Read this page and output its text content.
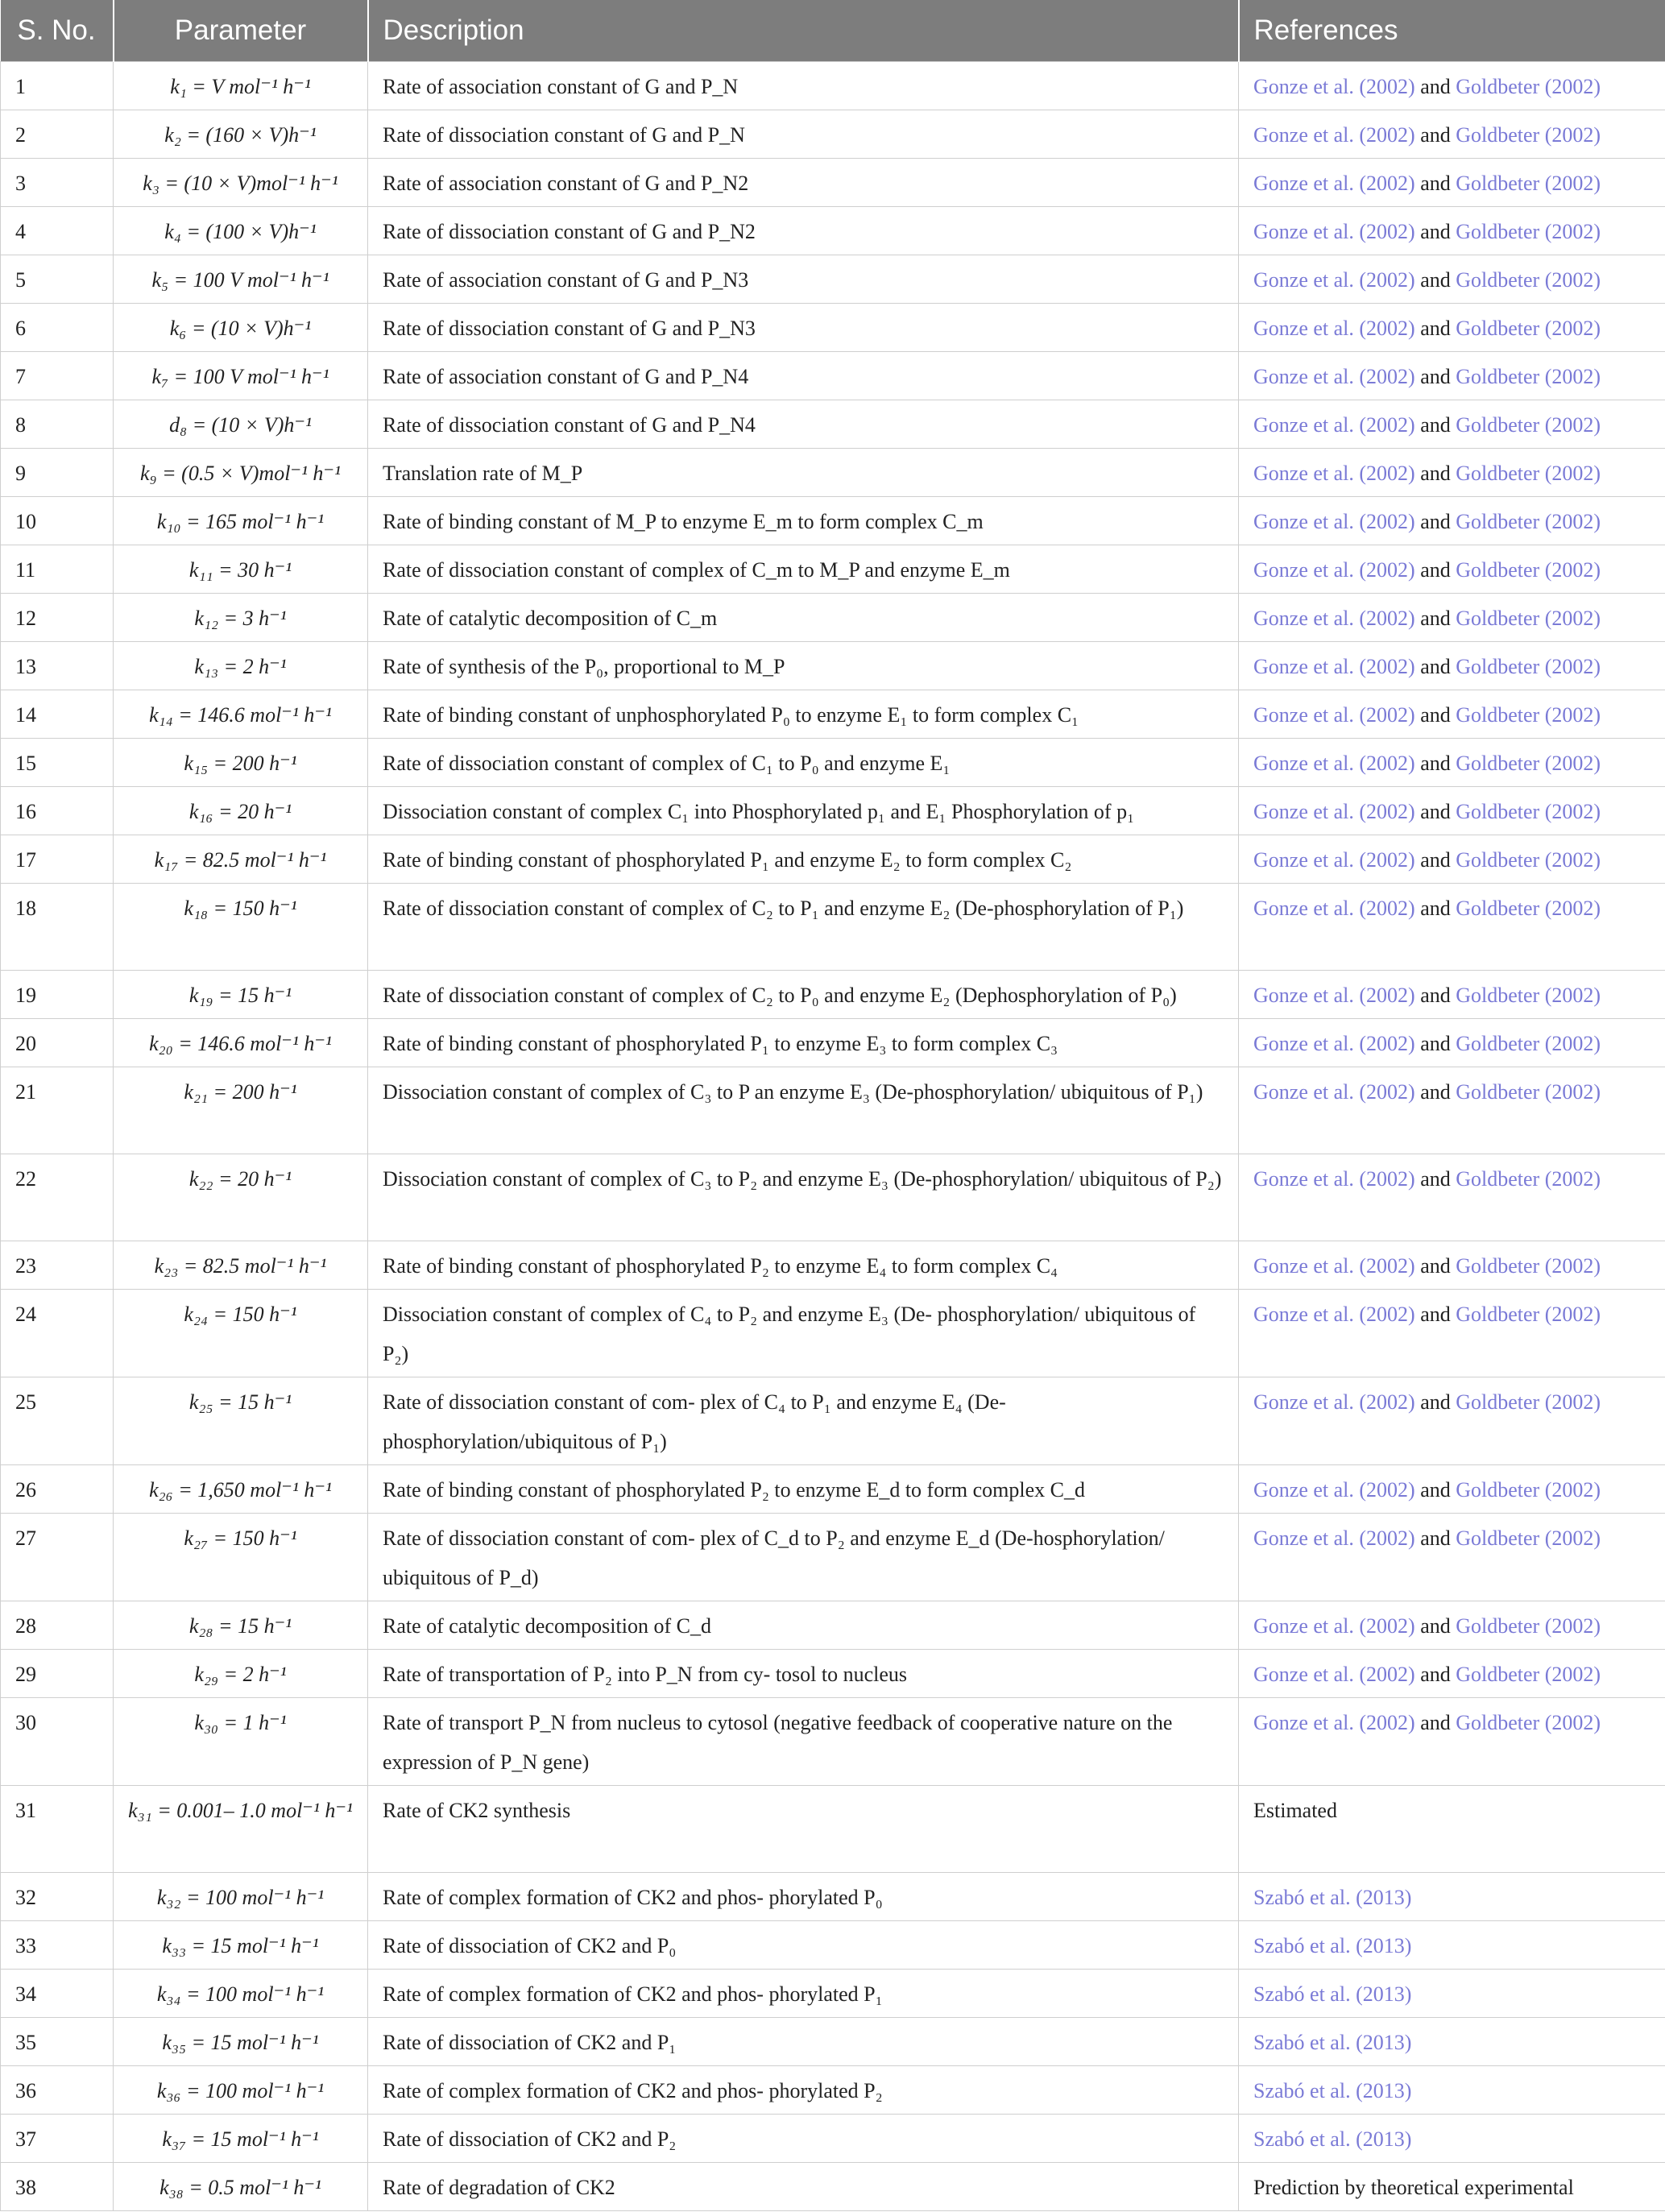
S. No.	Parameter	Description	References
1	k₁ = V mol⁻¹ h⁻¹	Rate of association constant of G and P_N	Gonze et al. (2002) and Goldbeter (2002)
2	k₂ = (160 × V)h⁻¹	Rate of dissociation constant of G and P_N	Gonze et al. (2002) and Goldbeter (2002)
3	k₃ = (10 × V)mol⁻¹ h⁻¹	Rate of association constant of G and P_N2	Gonze et al. (2002) and Goldbeter (2002)
4	k₄ = (100 × V)h⁻¹	Rate of dissociation constant of G and P_N2	Gonze et al. (2002) and Goldbeter (2002)
5	k₅ = 100 V mol⁻¹ h⁻¹	Rate of association constant of G and P_N3	Gonze et al. (2002) and Goldbeter (2002)
6	k₆ = (10 × V)h⁻¹	Rate of dissociation constant of G and P_N3	Gonze et al. (2002) and Goldbeter (2002)
7	k₇ = 100 V mol⁻¹ h⁻¹	Rate of association constant of G and P_N4	Gonze et al. (2002) and Goldbeter (2002)
8	d₈ = (10 × V)h⁻¹	Rate of dissociation constant of G and P_N4	Gonze et al. (2002) and Goldbeter (2002)
9	k₉ = (0.5 × V)mol⁻¹ h⁻¹	Translation rate of M_P	Gonze et al. (2002) and Goldbeter (2002)
10	k₁₀ = 165 mol⁻¹ h⁻¹	Rate of binding constant of M_P to enzyme E_m to form complex C_m	Gonze et al. (2002) and Goldbeter (2002)
11	k₁₁ = 30 h⁻¹	Rate of dissociation constant of complex of C_m to M_P and enzyme E_m	Gonze et al. (2002) and Goldbeter (2002)
12	k₁₂ = 3 h⁻¹	Rate of catalytic decomposition of C_m	Gonze et al. (2002) and Goldbeter (2002)
13	k₁₃ = 2 h⁻¹	Rate of synthesis of the P₀, proportional to M_P	Gonze et al. (2002) and Goldbeter (2002)
14	k₁₄ = 146.6 mol⁻¹ h⁻¹	Rate of binding constant of unphosphorylated P₀ to enzyme E₁ to form complex C₁	Gonze et al. (2002) and Goldbeter (2002)
15	k₁₅ = 200 h⁻¹	Rate of dissociation constant of complex of C₁ to P₀ and enzyme E₁	Gonze et al. (2002) and Goldbeter (2002)
16	k₁₆ = 20 h⁻¹	Dissociation constant of complex C₁ into Phosphorylated p₁ and E₁ Phosphorylation of p₁	Gonze et al. (2002) and Goldbeter (2002)
17	k₁₇ = 82.5 mol⁻¹ h⁻¹	Rate of binding constant of phosphorylated P₁ and enzyme E₂ to form complex C₂	Gonze et al. (2002) and Goldbeter (2002)
18	k₁₈ = 150 h⁻¹	Rate of dissociation constant of complex of C₂ to P₁ and enzyme E₂ (De-phosphorylation of P₁)	Gonze et al. (2002) and Goldbeter (2002)
19	k₁₉ = 15 h⁻¹	Rate of dissociation constant of complex of C₂ to P₀ and enzyme E₂ (Dephosphorylation of P₀)	Gonze et al. (2002) and Goldbeter (2002)
20	k₂₀ = 146.6 mol⁻¹ h⁻¹	Rate of binding constant of phosphorylated P₁ to enzyme E₃ to form complex C₃	Gonze et al. (2002) and Goldbeter (2002)
21	k₂₁ = 200 h⁻¹	Dissociation constant of complex of C₃ to P an enzyme E₃ (De-phosphorylation/ ubiquitous of P₁)	Gonze et al. (2002) and Goldbeter (2002)
22	k₂₂ = 20 h⁻¹	Dissociation constant of complex of C₃ to P₂ and enzyme E₃ (De-phosphorylation/ ubiquitous of P₂)	Gonze et al. (2002) and Goldbeter (2002)
23	k₂₃ = 82.5 mol⁻¹ h⁻¹	Rate of binding constant of phosphorylated P₂ to enzyme E₄ to form complex C₄	Gonze et al. (2002) and Goldbeter (2002)
24	k₂₄ = 150 h⁻¹	Dissociation constant of complex of C₄ to P₂ and enzyme E₃ (De- phosphorylation/ ubiquitous of P₂)	Gonze et al. (2002) and Goldbeter (2002)
25	k₂₅ = 15 h⁻¹	Rate of dissociation constant of com- plex of C₄ to P₁ and enzyme E₄ (De- phosphorylation/ubiquitous of P₁)	Gonze et al. (2002) and Goldbeter (2002)
26	k₂₆ = 1,650 mol⁻¹ h⁻¹	Rate of binding constant of phosphorylated P₂ to enzyme E_d to form complex C_d	Gonze et al. (2002) and Goldbeter (2002)
27	k₂₇ = 150 h⁻¹	Rate of dissociation constant of com- plex of C_d to P₂ and enzyme E_d (De-hosphorylation/ ubiquitous of P_d)	Gonze et al. (2002) and Goldbeter (2002)
28	k₂₈ = 15 h⁻¹	Rate of catalytic decomposition of C_d	Gonze et al. (2002) and Goldbeter (2002)
29	k₂₉ = 2 h⁻¹	Rate of transportation of P₂ into P_N from cy- tosol to nucleus	Gonze et al. (2002) and Goldbeter (2002)
30	k₃₀ = 1 h⁻¹	Rate of transport P_N from nucleus to cytosol (negative feedback of cooperative nature on the expression of P_N gene)	Gonze et al. (2002) and Goldbeter (2002)
31	k₃₁ = 0.001– 1.0 mol⁻¹ h⁻¹	Rate of CK2 synthesis	Estimated
32	k₃₂ = 100 mol⁻¹ h⁻¹	Rate of complex formation of CK2 and phos- phorylated P₀	Szabó et al. (2013)
33	k₃₃ = 15 mol⁻¹ h⁻¹	Rate of dissociation of CK2 and P₀	Szabó et al. (2013)
34	k₃₄ = 100 mol⁻¹ h⁻¹	Rate of complex formation of CK2 and phos- phorylated P₁	Szabó et al. (2013)
35	k₃₅ = 15 mol⁻¹ h⁻¹	Rate of dissociation of CK2 and P₁	Szabó et al. (2013)
36	k₃₆ = 100 mol⁻¹ h⁻¹	Rate of complex formation of CK2 and phos- phorylated P₂	Szabó et al. (2013)
37	k₃₇ = 15 mol⁻¹ h⁻¹	Rate of dissociation of CK2 and P₂	Szabó et al. (2013)
38	k₃₈ = 0.5 mol⁻¹ h⁻¹	Rate of degradation of CK2	Prediction by theoretical experimental
